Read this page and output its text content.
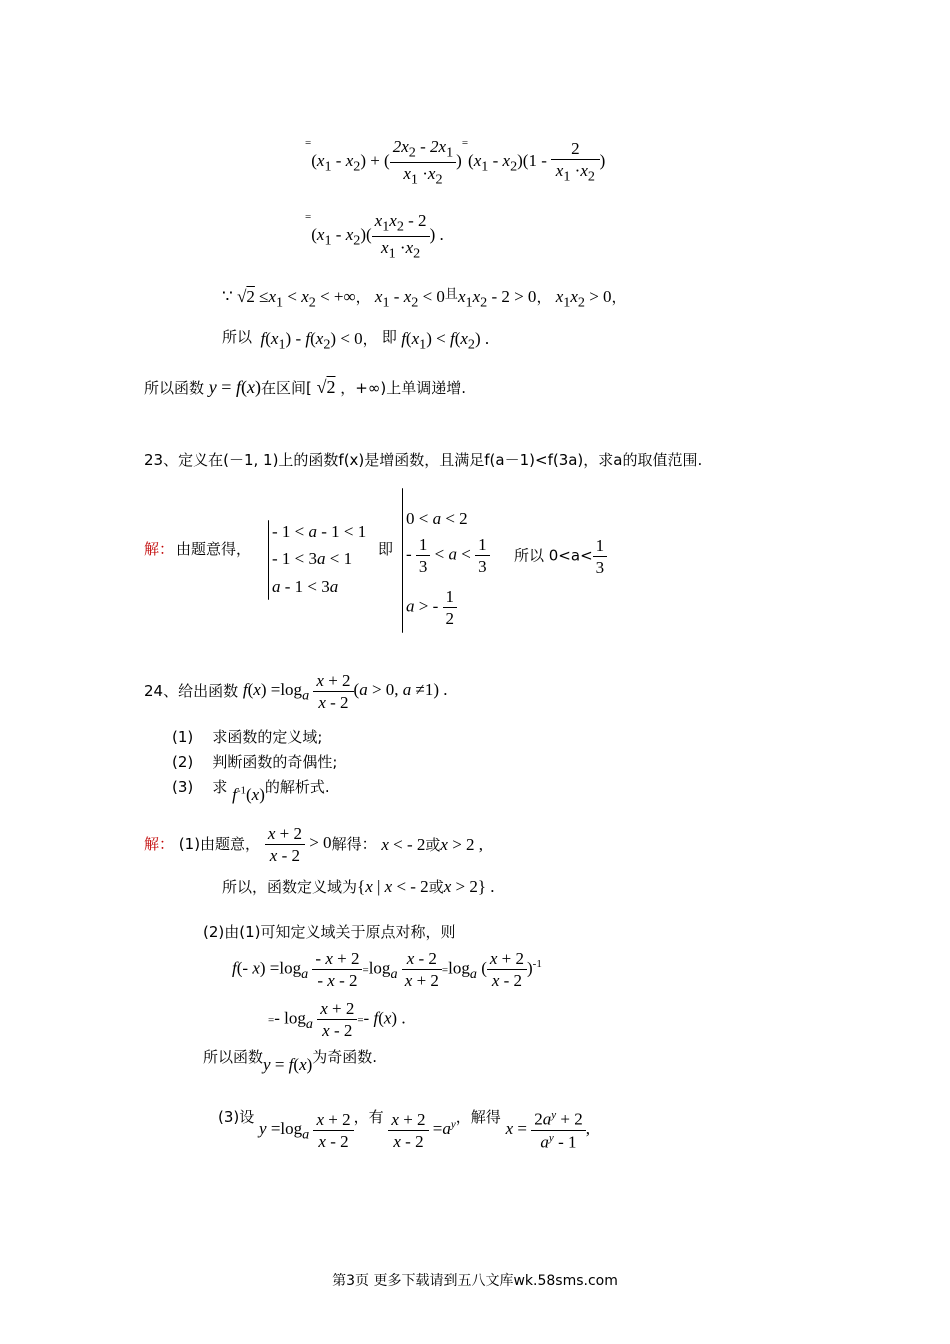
$^=(x_1 - x_2)$ + ( $\frac{2x_2 - 2x_1}{x_1 \cdot x_2} )^=(x_1 - x_2)(1 - \frac{2}{x_1 \cdot x_2}$ )
$^=(x_1 - x_2)( \frac{x_1x_2 - 2}{x_1 \cdot x_2}$ ) .
∵ $√2 \le x_1 < x_2$ < +∞， $x_1 - x_2 < 0^且x_1x_2 - 2 > 0$， $x_1x_2 > 0$，
所以 $f(x_1) - f(x_2) < 0$， 即 $f(x_1) < f(x_2)$ .
所以函数 y = f(x)在区间[ √2 ，+∞)上单调递增.
23、定义在(－1, 1)上的函数f(x)是增函数，且满足f(a－1)<f(3a)，求a的取值范围.
解： 由题意得，
- 1 < a - 1 < 1
- 1 < 3a < 1
a - 1 < 3a
即
0 < a < 2
- $\frac{1}{3} < a < \frac{1}{3}$
a > - $\frac{1}{2}$
所以 $0<a< \frac{1}{3}$
24、给出函数 $f(x) =\log_a \frac{x + 2}{x - 2} (a > 0$, a ≠1) .
(1) 求函数的定义域;
(2) 判断函数的奇偶性;
(3)    求 $f^{-1}(x)$的解析式.
解： (1)由题意， $\frac{x + 2}{x - 2} > 0$解得： x < - 2或x > 2 ,
所以，函数定义域为{x | x < - 2或x > 2} .
(2)由(1)可知定义域关于原点对称，则
f(- $x) =\log_a \frac{- x + 2}{- x - 2} =\log_a \frac{x - 2}{x + 2} =\log_a$ ( $\frac{x + 2}{x - 2} )^{-1}$
=- $\log_a \frac{x + 2}{x - 2} =- f(x)$ .
所以函数y = f(x)为奇函数.
(3)设 $y =\log_a \frac{x + 2}{x - 2}$ ，有 $\frac{x + 2}{x - 2} =a^y$，解得 $x = \frac{2a^y + 2}{a^y - 1}$ ,
第3页 更多下载请到五八文库wk.58sms.com
